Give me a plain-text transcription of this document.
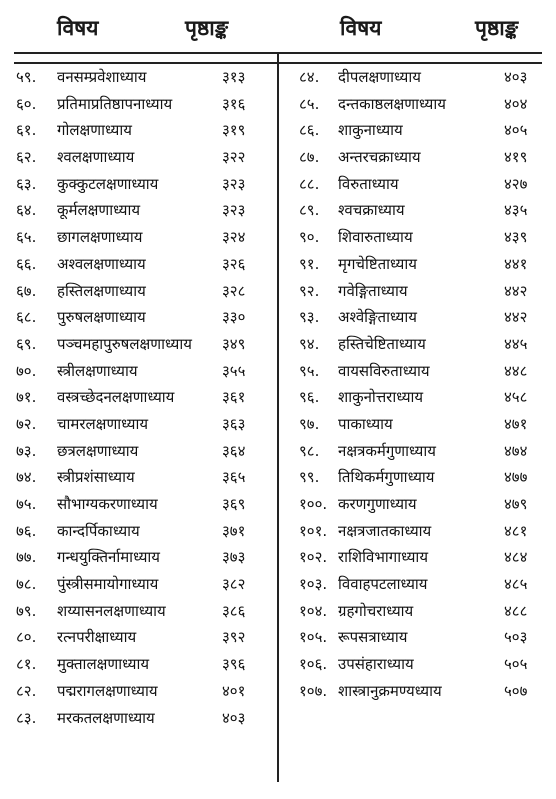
विषय	पृष्ठाङ्क	विषय	पृष्ठाङ्क
५९. वनसम्प्रवेशाध्याय	३१३
६०. प्रतिमाप्रतिष्ठापनाध्याय	३१६
६१. गोलक्षणाध्याय	३१९
६२. श्वलक्षणाध्याय	३२२
६३. कुक्कुटलक्षणाध्याय	३२३
६४. कूर्मलक्षणाध्याय	३२३
६५. छागलक्षणाध्याय	३२४
६६. अश्वलक्षणाध्याय	३२६
६७. हस्तिलक्षणाध्याय	३२८
६८. पुरुषलक्षणाध्याय	३३०
६९. पञ्चमहापुरुषलक्षणाध्याय ३४९
७०. स्त्रीलक्षणाध्याय	३५५
७१. वस्त्रच्छेदनलक्षणाध्याय	३६१
७२. चामरलक्षणाध्याय	३६३
७३. छत्रलक्षणाध्याय	३६४
७४. स्त्रीप्रशंसाध्याय	३६५
७५. सौभाग्यकरणाध्याय	३६९
७६. कान्दर्पिकाध्याय	३७१
७७. गन्धयुक्तिर्नामाध्याय	३७३
७८. पुंस्त्रीसमायोगाध्याय	३८२
७९. शय्यासनलक्षणाध्याय	३८६
८०. रत्नपरीक्षाध्याय	३९२
८१. मुक्तालक्षणाध्याय	३९६
८२. पद्मरागलक्षणाध्याय	४०१
८३. मरकतलक्षणाध्याय	४०३
८४. दीपलक्षणाध्याय	४०३
८५. दन्तकाष्ठलक्षणाध्याय	४०४
८६. शाकुनाध्याय	४०५
८७. अन्तरचक्राध्याय	४१९
८८. विरुताध्याय	४२७
८९. श्वचक्राध्याय	४३५
९०. शिवारुताध्याय	४३९
९१. मृगचेष्टिताध्याय	४४१
९२. गवेङ्गिताध्याय	४४२
९३. अश्वेङ्गिताध्याय	४४२
९४. हस्तिचेष्टिताध्याय	४४५
९५. वायसविरुताध्याय	४४८
९६. शाकुनोत्तराध्याय	४५८
९७. पाकाध्याय	४७१
९८. नक्षत्रकर्मगुणाध्याय	४७४
९९. तिथिकर्मगुणाध्याय	४७७
१००. करणगुणाध्याय	४७९
१०१. नक्षत्रजातकाध्याय	४८१
१०२. राशिविभागाध्याय	४८४
१०३. विवाहपटलाध्याय	४८५
१०४. ग्रहगोचराध्याय	४८८
१०५. रूपसत्राध्याय	५०३
१०६. उपसंहाराध्याय	५०५
१०७. शास्त्रानुक्रमण्यध्याय	५०७
